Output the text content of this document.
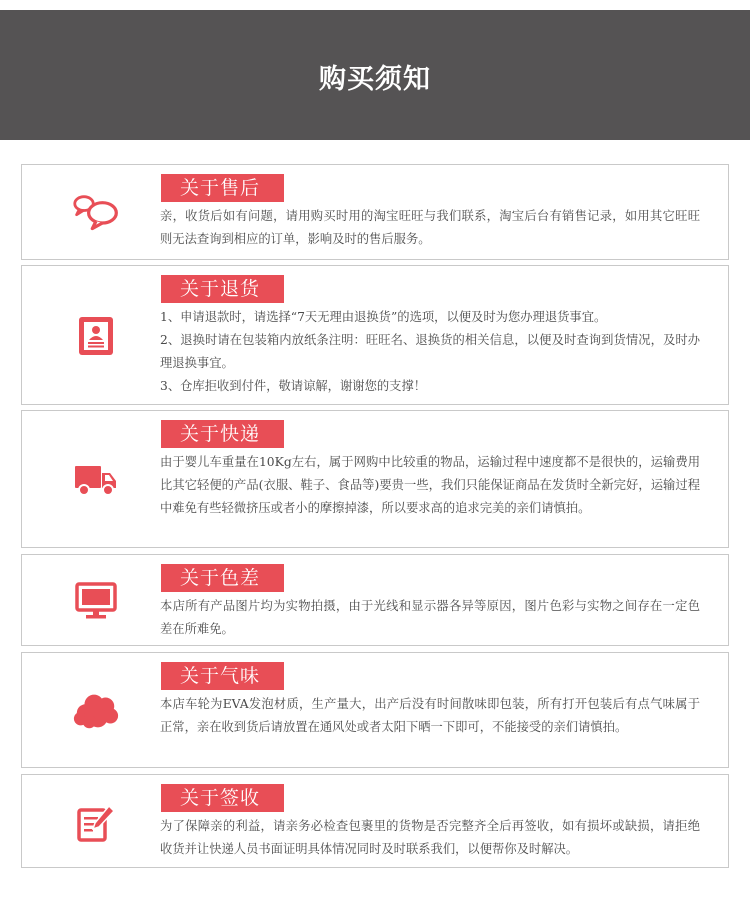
购买须知
关于售后

亲，收货后如有问题，请用购买时用的淘宝旺旺与我们联系，淘宝后台有销售记录，如用其它旺旺则无法查询到相应的订单，影响及时的售后服务。

关于退货

1、申请退款时，请选择“7天无理由退换货”的选项，以便及时为您办理退货事宜。

2、退换时请在包装箱内放纸条注明：旺旺名、退换货的相关信息，以便及时查询到货情况，及时办理退换事宜。

3、仓库拒收到付件，敬请谅解，谢谢您的支撑！

关于快递

由于婴儿车重量在10Kg左右，属于网购中比较重的物品，运输过程中速度都不是很快的，运输费用比其它轻便的产品(衣服、鞋子、食品等)要贵一些，我们只能保证商品在发货时全新完好，运输过程中难免有些轻微挤压或者小的摩擦掉漆，所以要求高的追求完美的亲们请慎拍。

关于色差

本店所有产品图片均为实物拍摄，由于光线和显示器各异等原因，图片色彩与实物之间存在一定色差在所难免。

关于气味

本店车轮为EVA发泡材质，生产量大，出产后没有时间散味即包装，所有打开包装后有点气味属于正常，亲在收到货后请放置在通风处或者太阳下晒一下即可，不能接受的亲们请慎拍。

关于签收

为了保障亲的利益，请亲务必检查包裹里的货物是否完整齐全后再签收，如有损坏或缺损，请拒绝收货并让快递人员书面证明具体情况同时及时联系我们，以便帮你及时解决。
